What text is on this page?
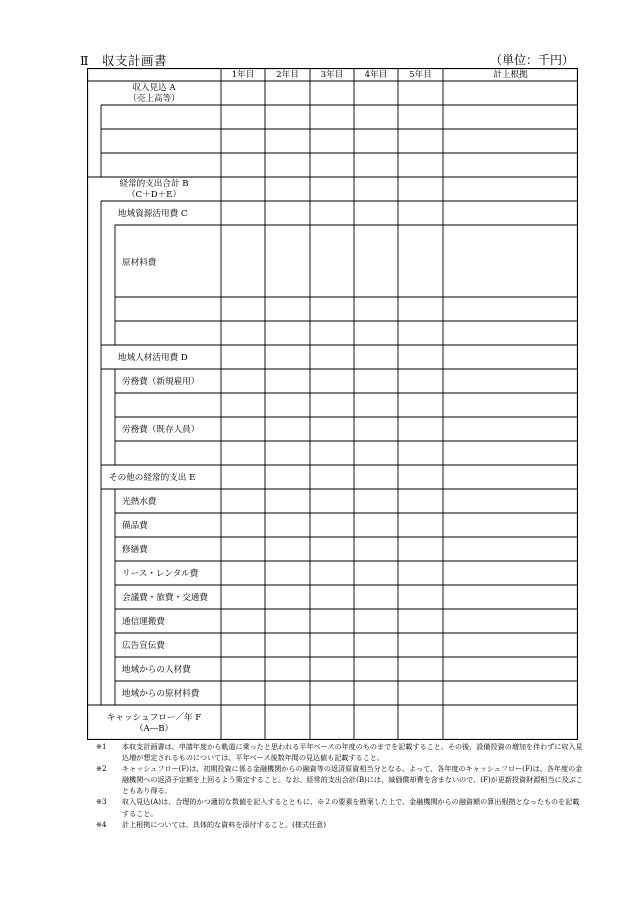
Ⅱ　収支計画書	（単位：千円）
1年目	2年目	3年目	4年目	5年目	計上根拠
収入見込 A
（売上高等）
経常的支出合計 B
（C＋D＋E）
地域資源活用費 C
原材料費
地域人材活用費 D
労務費（新規雇用）
労務費（既存人員）
その他の経常的支出 E
光熱水費
備品費
修繕費
リース・レンタル費
会議費・旅費・交通費
通信運搬費
広告宣伝費
地域からの人材費
地域からの原材料費
キャッシュフロー／年 F
（A―B）
※1 本収支計画書は、申請年度から軌道に乗ったと思われる平年ベースの年度のものまでを記載すること。その後、設備投資の増加を伴わずに収入見込増が想定されるものについては、平年ベース後数年間の見込値も記載すること。
※2 キャッシュフロー(F)は、初期投資に係る金融機関からの融資等の返済原資相当分となる。よって、各年度のキャッシュフロー(F)は、各年度の金融機関への返済予定額を上回るよう策定すること。なお、経常的支出合計(B)には、減価償却費を含まないので、(F)が更新投資財源相当に及ぶこともあり得る。
※3 収入見込(A)は、合理的かつ適切な数値を記入するとともに、※２の要素を勘案した上で、金融機関からの融資額の算出根拠となったものを記載すること。
※4 計上根拠については、具体的な資料を添付すること。(様式任意)
